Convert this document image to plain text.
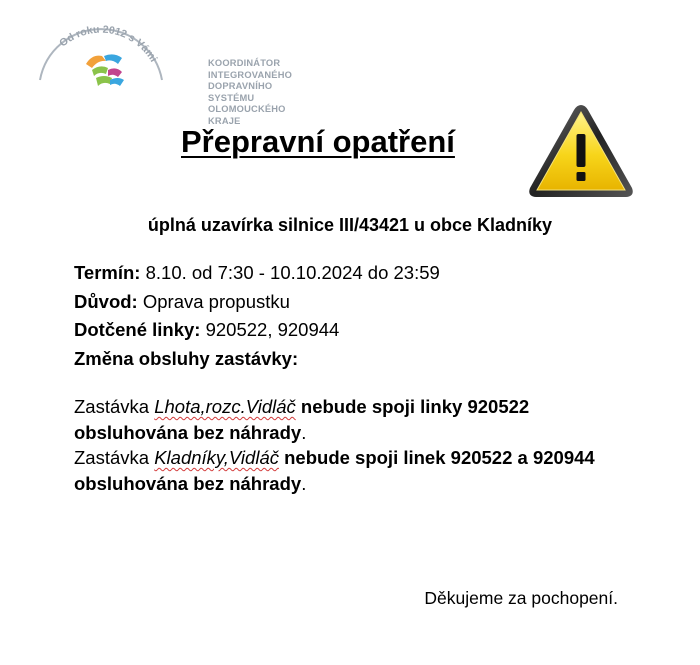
Od roku 2012 s Vámi	KOORDINÁTOR
INTEGROVANÉHO
DOPRAVNÍHO SYSTÉMU
OLOMOUCKÉHO KRAJE
Přepravní opatření
úplná uzavírka silnice III/43421 u obce Kladníky
Termín: 8.10. od 7:30 - 10.10.2024 do 23:59
Důvod: Oprava propustku
Dotčené linky: 920522, 920944
Změna obsluhy zastávky:
Zastávka Lhota,rozc.Vidláč nebude spoji linky 920522 obsluhována bez náhrady.
Zastávka Kladníky,Vidláč nebude spoji linek 920522 a 920944 obsluhována bez náhrady.
Děkujeme za pochopení.
